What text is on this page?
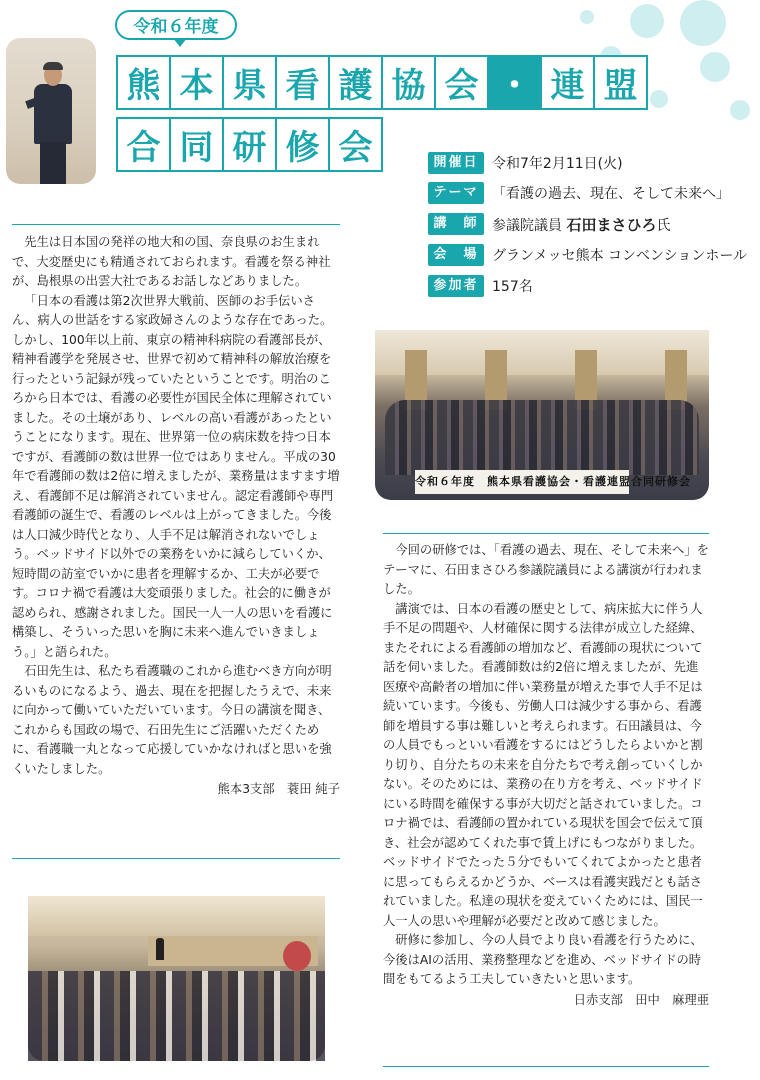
令和６年度
熊 本 県 看 護 協 会 ・ 連 盟
合 同 研 修 会	開催日 令和7年2月11日(火)
テーマ 「看護の過去、現在、そして未来へ」
講　師 参議院議員 石田まさひろ氏
会　場 グランメッセ熊本 コンベンションホール
参加者 157名
令和６年度　熊本県看護協会・看護連盟合同研修会

先生は日本国の発祥の地大和の国、奈良県のお生まれで、大変歴史にも精通されておられます。看護を祭る神社が、島根県の出雲大社であるお話しなどありました。

「日本の看護は第2次世界大戦前、医師のお手伝いさん、病人の世話をする家政婦さんのような存在であった。しかし、100年以上前、東京の精神科病院の看護部長が、精神看護学を発展させ、世界で初めて精神科の解放治療を行ったという記録が残っていたということです。明治のころから日本では、看護の必要性が国民全体に理解されていました。その土壌があり、レベルの高い看護があったということになります。現在、世界第一位の病床数を持つ日本ですが、看護師の数は世界一位ではありません。平成の30年で看護師の数は2倍に増えましたが、業務量はますます増え、看護師不足は解消されていません。認定看護師や専門看護師の誕生で、看護のレベルは上がってきました。今後は人口減少時代となり、人手不足は解消されないでしょう。ベッドサイド以外での業務をいかに減らしていくか、短時間の訪室でいかに患者を理解するか、工夫が必要です。コロナ禍で看護は大変頑張りました。社会的に働きが認められ、感謝されました。国民一人一人の思いを看護に構築し、そういった思いを胸に未来へ進んでいきましょう。」と語られた。

石田先生は、私たち看護職のこれから進むべき方向が明るいものになるよう、過去、現在を把握したうえで、未来に向かって働いていただいています。今日の講演を聞き、これからも国政の場で、石田先生にご活躍いただくために、看護職一丸となって応援していかなければと思いを強くいたしました。

熊本3支部　蓑田 純子

今回の研修では、「看護の過去、現在、そして未来へ」をテーマに、石田まさひろ参議院議員による講演が行われました。

講演では、日本の看護の歴史として、病床拡大に伴う人手不足の問題や、人材確保に関する法律が成立した経緯、またそれによる看護師の増加など、看護師の現状について話を伺いました。看護師数は約2倍に増えましたが、先進医療や高齢者の増加に伴い業務量が増えた事で人手不足は続いています。今後も、労働人口は減少する事から、看護師を増員する事は難しいと考えられます。石田議員は、今の人員でもっといい看護をするにはどうしたらよいかと割り切り、自分たちの未来を自分たちで考え創っていくしかない。そのためには、業務の在り方を考え、ベッドサイドにいる時間を確保する事が大切だと話されていました。コロナ禍では、看護師の置かれている現状を国会で伝えて頂き、社会が認めてくれた事で賃上げにもつながりました。ベッドサイドでたった５分でもいてくれてよかったと患者に思ってもらえるかどうか、ベースは看護実践だとも話されていました。私達の現状を変えていくためには、国民一人一人の思いや理解が必要だと改めて感じました。

研修に参加し、今の人員でより良い看護を行うために、今後はAIの活用、業務整理などを進め、ベッドサイドの時間をもてるよう工夫していきたいと思います。

日赤支部　田中　麻理亜
